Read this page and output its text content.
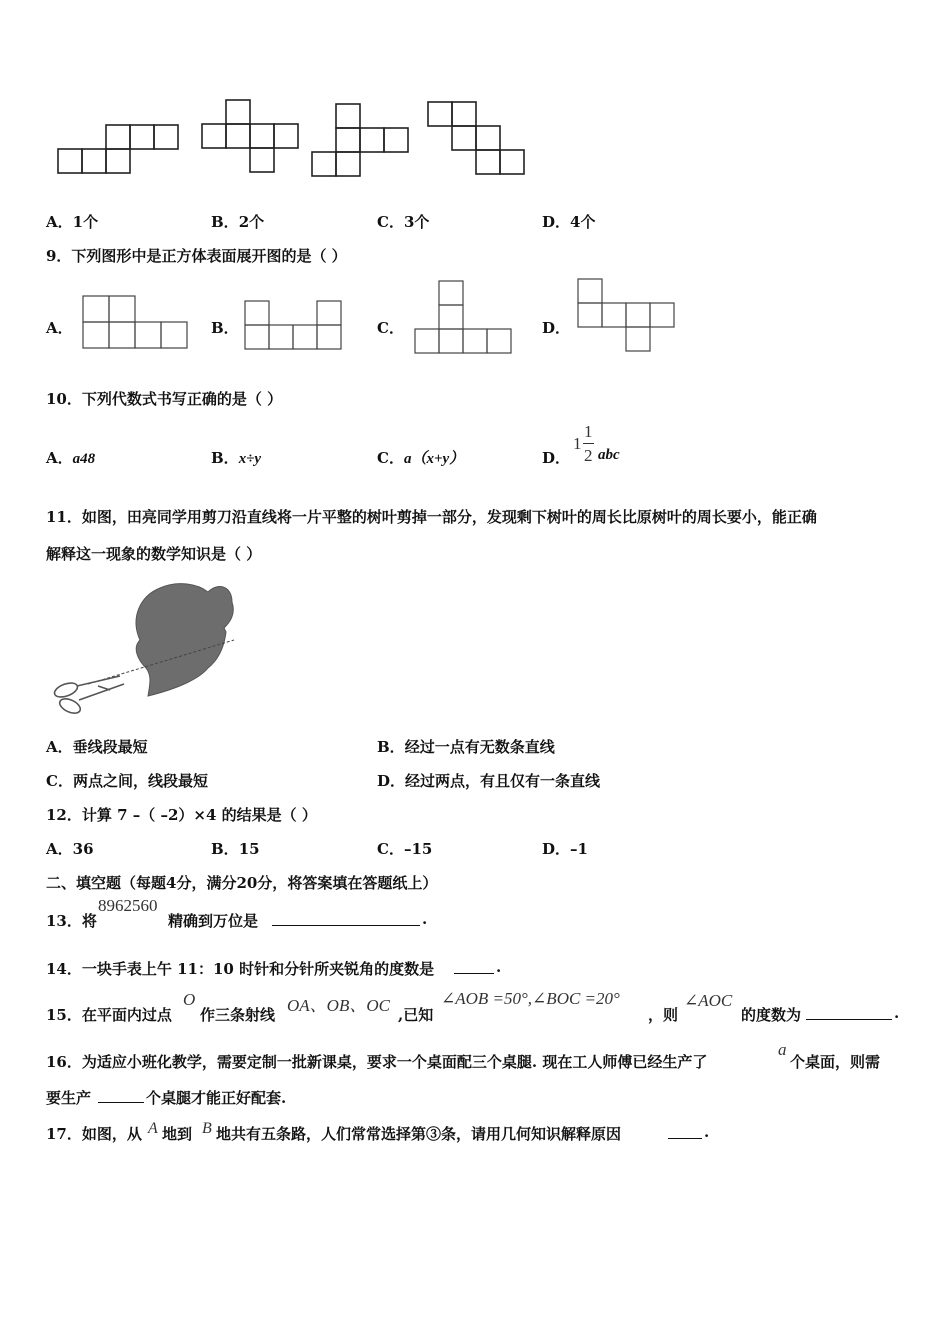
A．1个	B．2个	C．3个	D．4个
9．下列图形中是正方体表面展开图的是（ ）
A．	B．	C．	D．
10．下列代数式书写正确的是（ ）
A．a48	B．x÷y	C．a（x+y）	D．
1
1
2 abc
11．如图，田亮同学用剪刀沿直线将一片平整的树叶剪掉一部分，发现剩下树叶的周长比原树叶的周长要小，能正确
解释这一现象的数学知识是（ ）
A．垂线段最短	B．经过一点有无数条直线
C．两点之间，线段最短	D．经过两点，有且仅有一条直线
12．计算 7 –（ –2）×4 的结果是（ ）
A．36	B．15	C．–15	D．–1
二、填空题（每题4分，满分20分，将答案填在答题纸上）
13．将
8962560
精确到万位是	.
14．一块手表上午 11：10 时针和分针所夹锐角的度数是	.
15．在平面内过点
O
作三条射线 OA、OB、OC ,已知
∠AOB =50°,∠BOC =20°
，则
∠AOC
的度数为	.
16．为适应小班化教学，需要定制一批新课桌，要求一个桌面配三个桌腿. 现在工人师傅已经生产了
a
个桌面，则需
要生产	个桌腿才能正好配套.
17．如图，从 A 地到 B 地共有五条路，人们常常选择第③条，请用几何知识解释原因	.
